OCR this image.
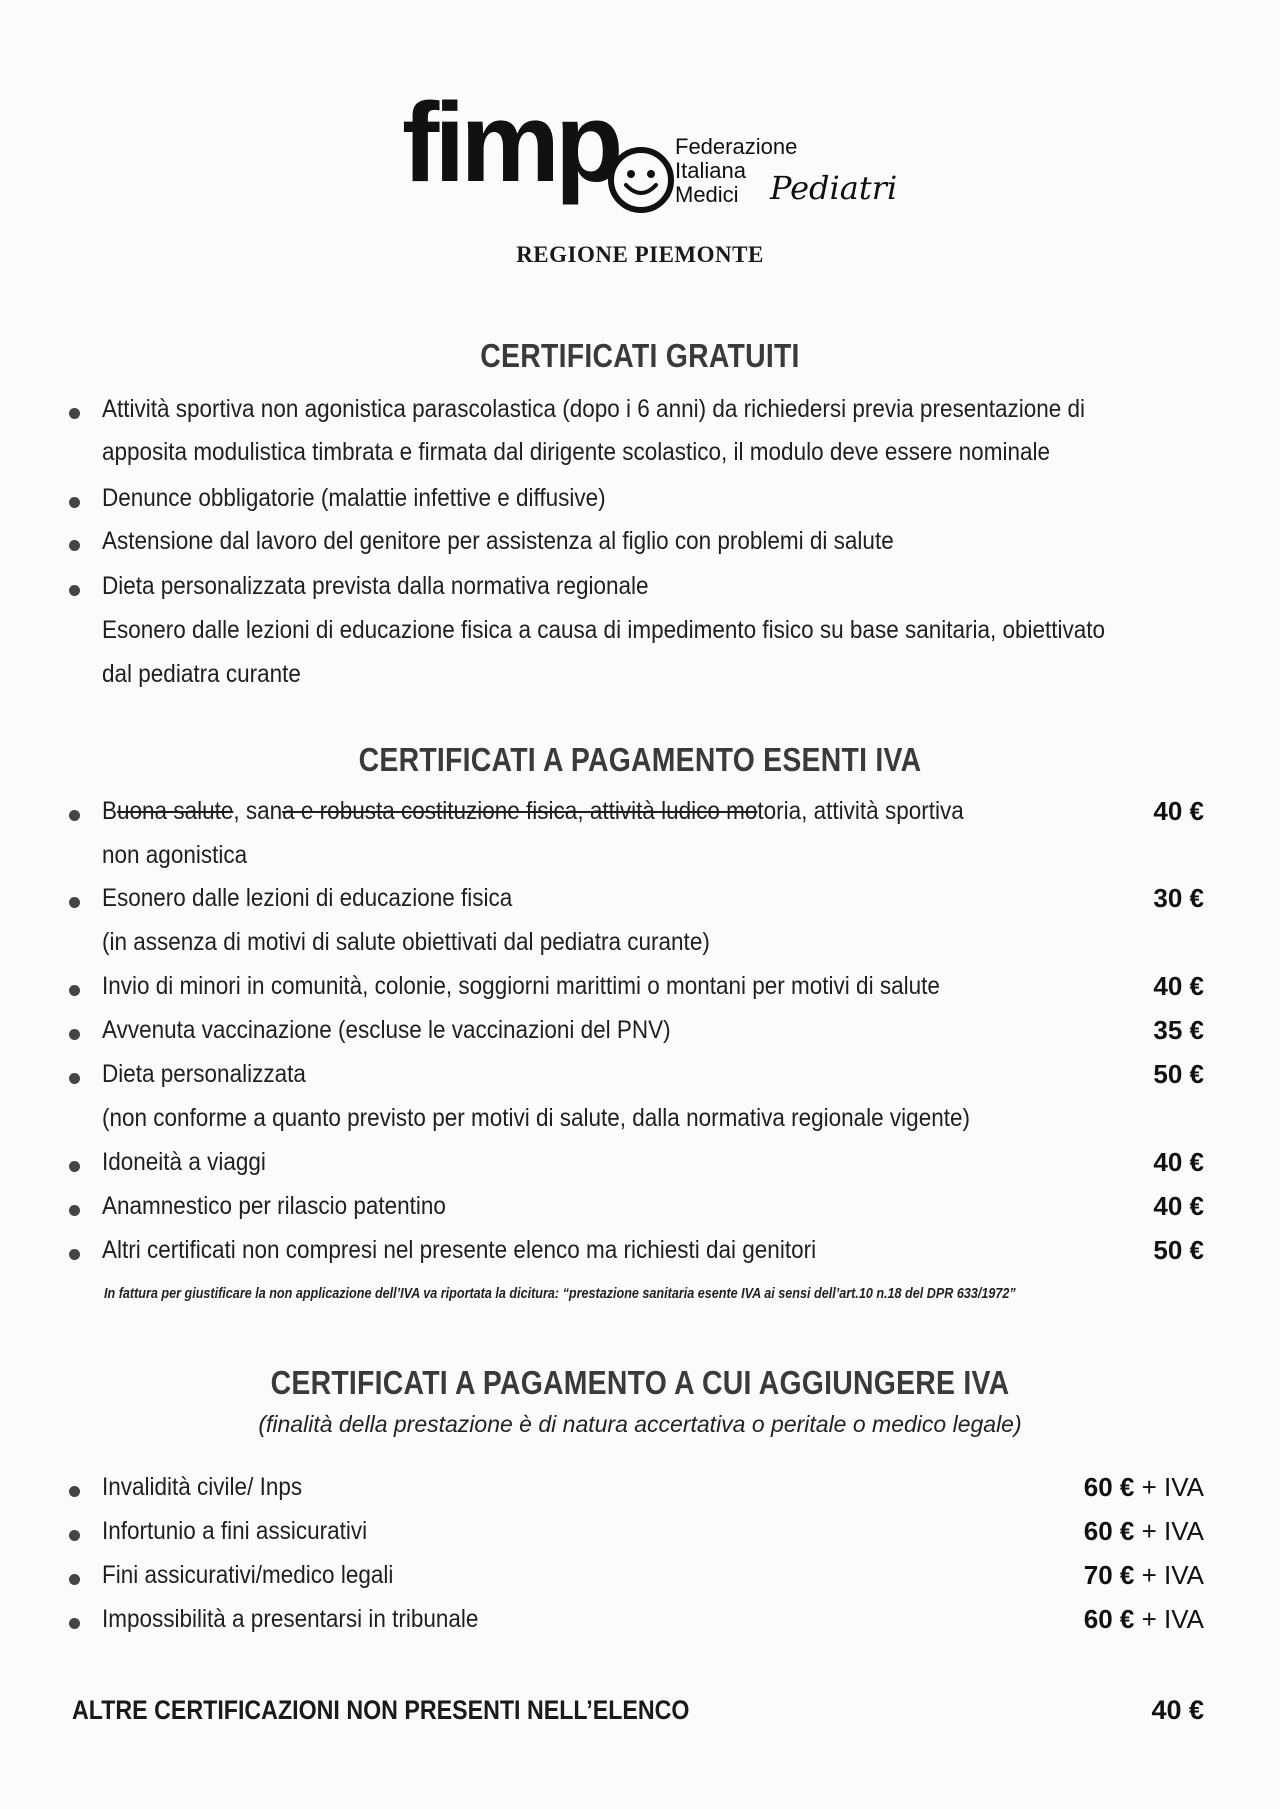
fimp	Federazione
Italiana
Medici Pediatri
REGIONE PIEMONTE
CERTIFICATI GRATUITI
Attività sportiva non agonistica parascolastica (dopo i 6 anni) da richiedersi previa presentazione di
apposita modulistica timbrata e firmata dal dirigente scolastico, il modulo deve essere nominale
Denunce obbligatorie (malattie infettive e diffusive)
Astensione dal lavoro del genitore per assistenza al figlio con problemi di salute
Dieta personalizzata prevista dalla normativa regionale
Esonero dalle lezioni di educazione fisica a causa di impedimento fisico su base sanitaria, obiettivato
dal pediatra curante
CERTIFICATI A PAGAMENTO ESENTI IVA
Buona salute, sana e robusta costituzione fisica, attività ludico motoria, attività sportiva	40 €
non agonistica
Esonero dalle lezioni di educazione fisica	30 €
(in assenza di motivi di salute obiettivati dal pediatra curante)
Invio di minori in comunità, colonie, soggiorni marittimi o montani per motivi di salute	40 €
Avvenuta vaccinazione (escluse le vaccinazioni del PNV)	35 €
Dieta personalizzata	50 €
(non conforme a quanto previsto per motivi di salute, dalla normativa regionale vigente)
Idoneità a viaggi	40 €
Anamnestico per rilascio patentino	40 €
Altri certificati non compresi nel presente elenco ma richiesti dai genitori	50 €
In fattura per giustificare la non applicazione dell’IVA va riportata la dicitura: “prestazione sanitaria esente IVA ai sensi dell’art.10 n.18 del DPR 633/1972”
CERTIFICATI A PAGAMENTO A CUI AGGIUNGERE IVA
(finalità della prestazione è di natura accertativa o peritale o medico legale)
Invalidità civile/ Inps	60 € + IVA
Infortunio a fini assicurativi	60 € + IVA
Fini assicurativi/medico legali	70 € + IVA
Impossibilità a presentarsi in tribunale	60 € + IVA
ALTRE CERTIFICAZIONI NON PRESENTI NELL’ELENCO	40 €
